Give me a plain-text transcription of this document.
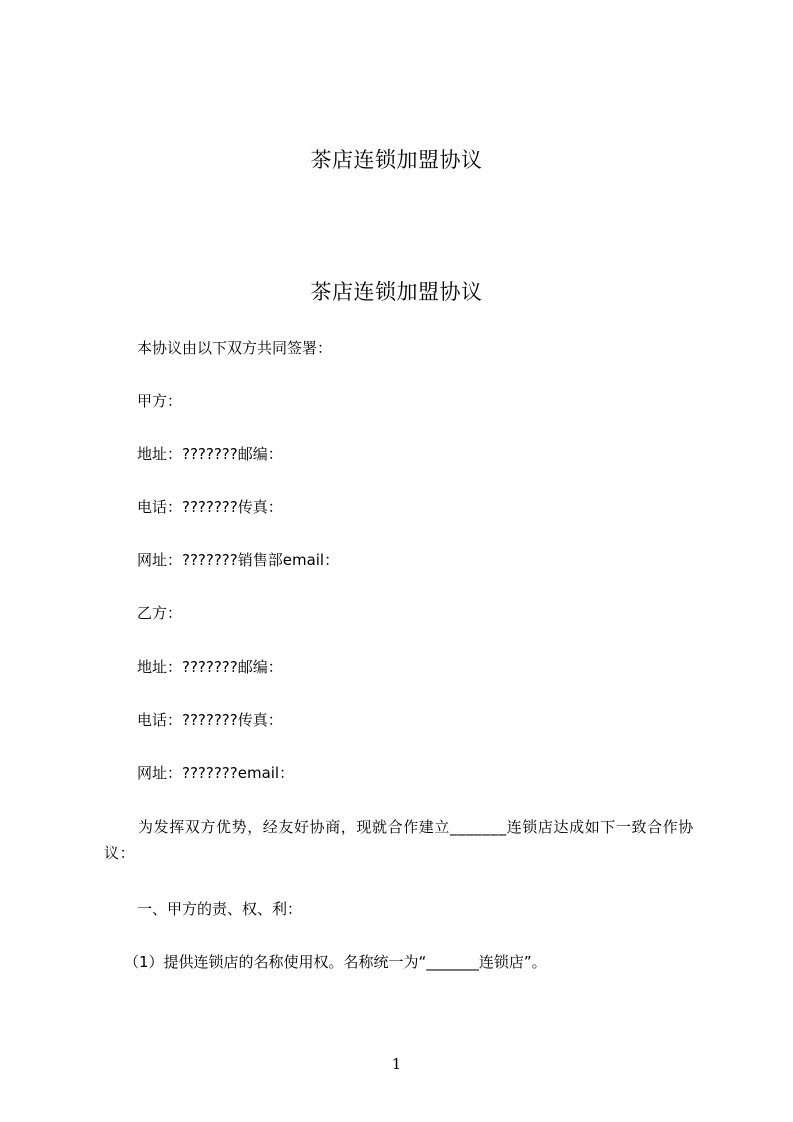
茶店连锁加盟协议
茶店连锁加盟协议
本协议由以下双方共同签署：
甲方：
地址：???????邮编：
电话：???????传真：
网址：???????销售部email：
乙方：
地址：???????邮编：
电话：???????传真：
网址：???????email：
为发挥双方优势，经友好协商，现就合作建立_______连锁店达成如下一致合作协议：
一、甲方的责、权、利：
（1）提供连锁店的名称使用权。名称统一为“_______连锁店”。
1
